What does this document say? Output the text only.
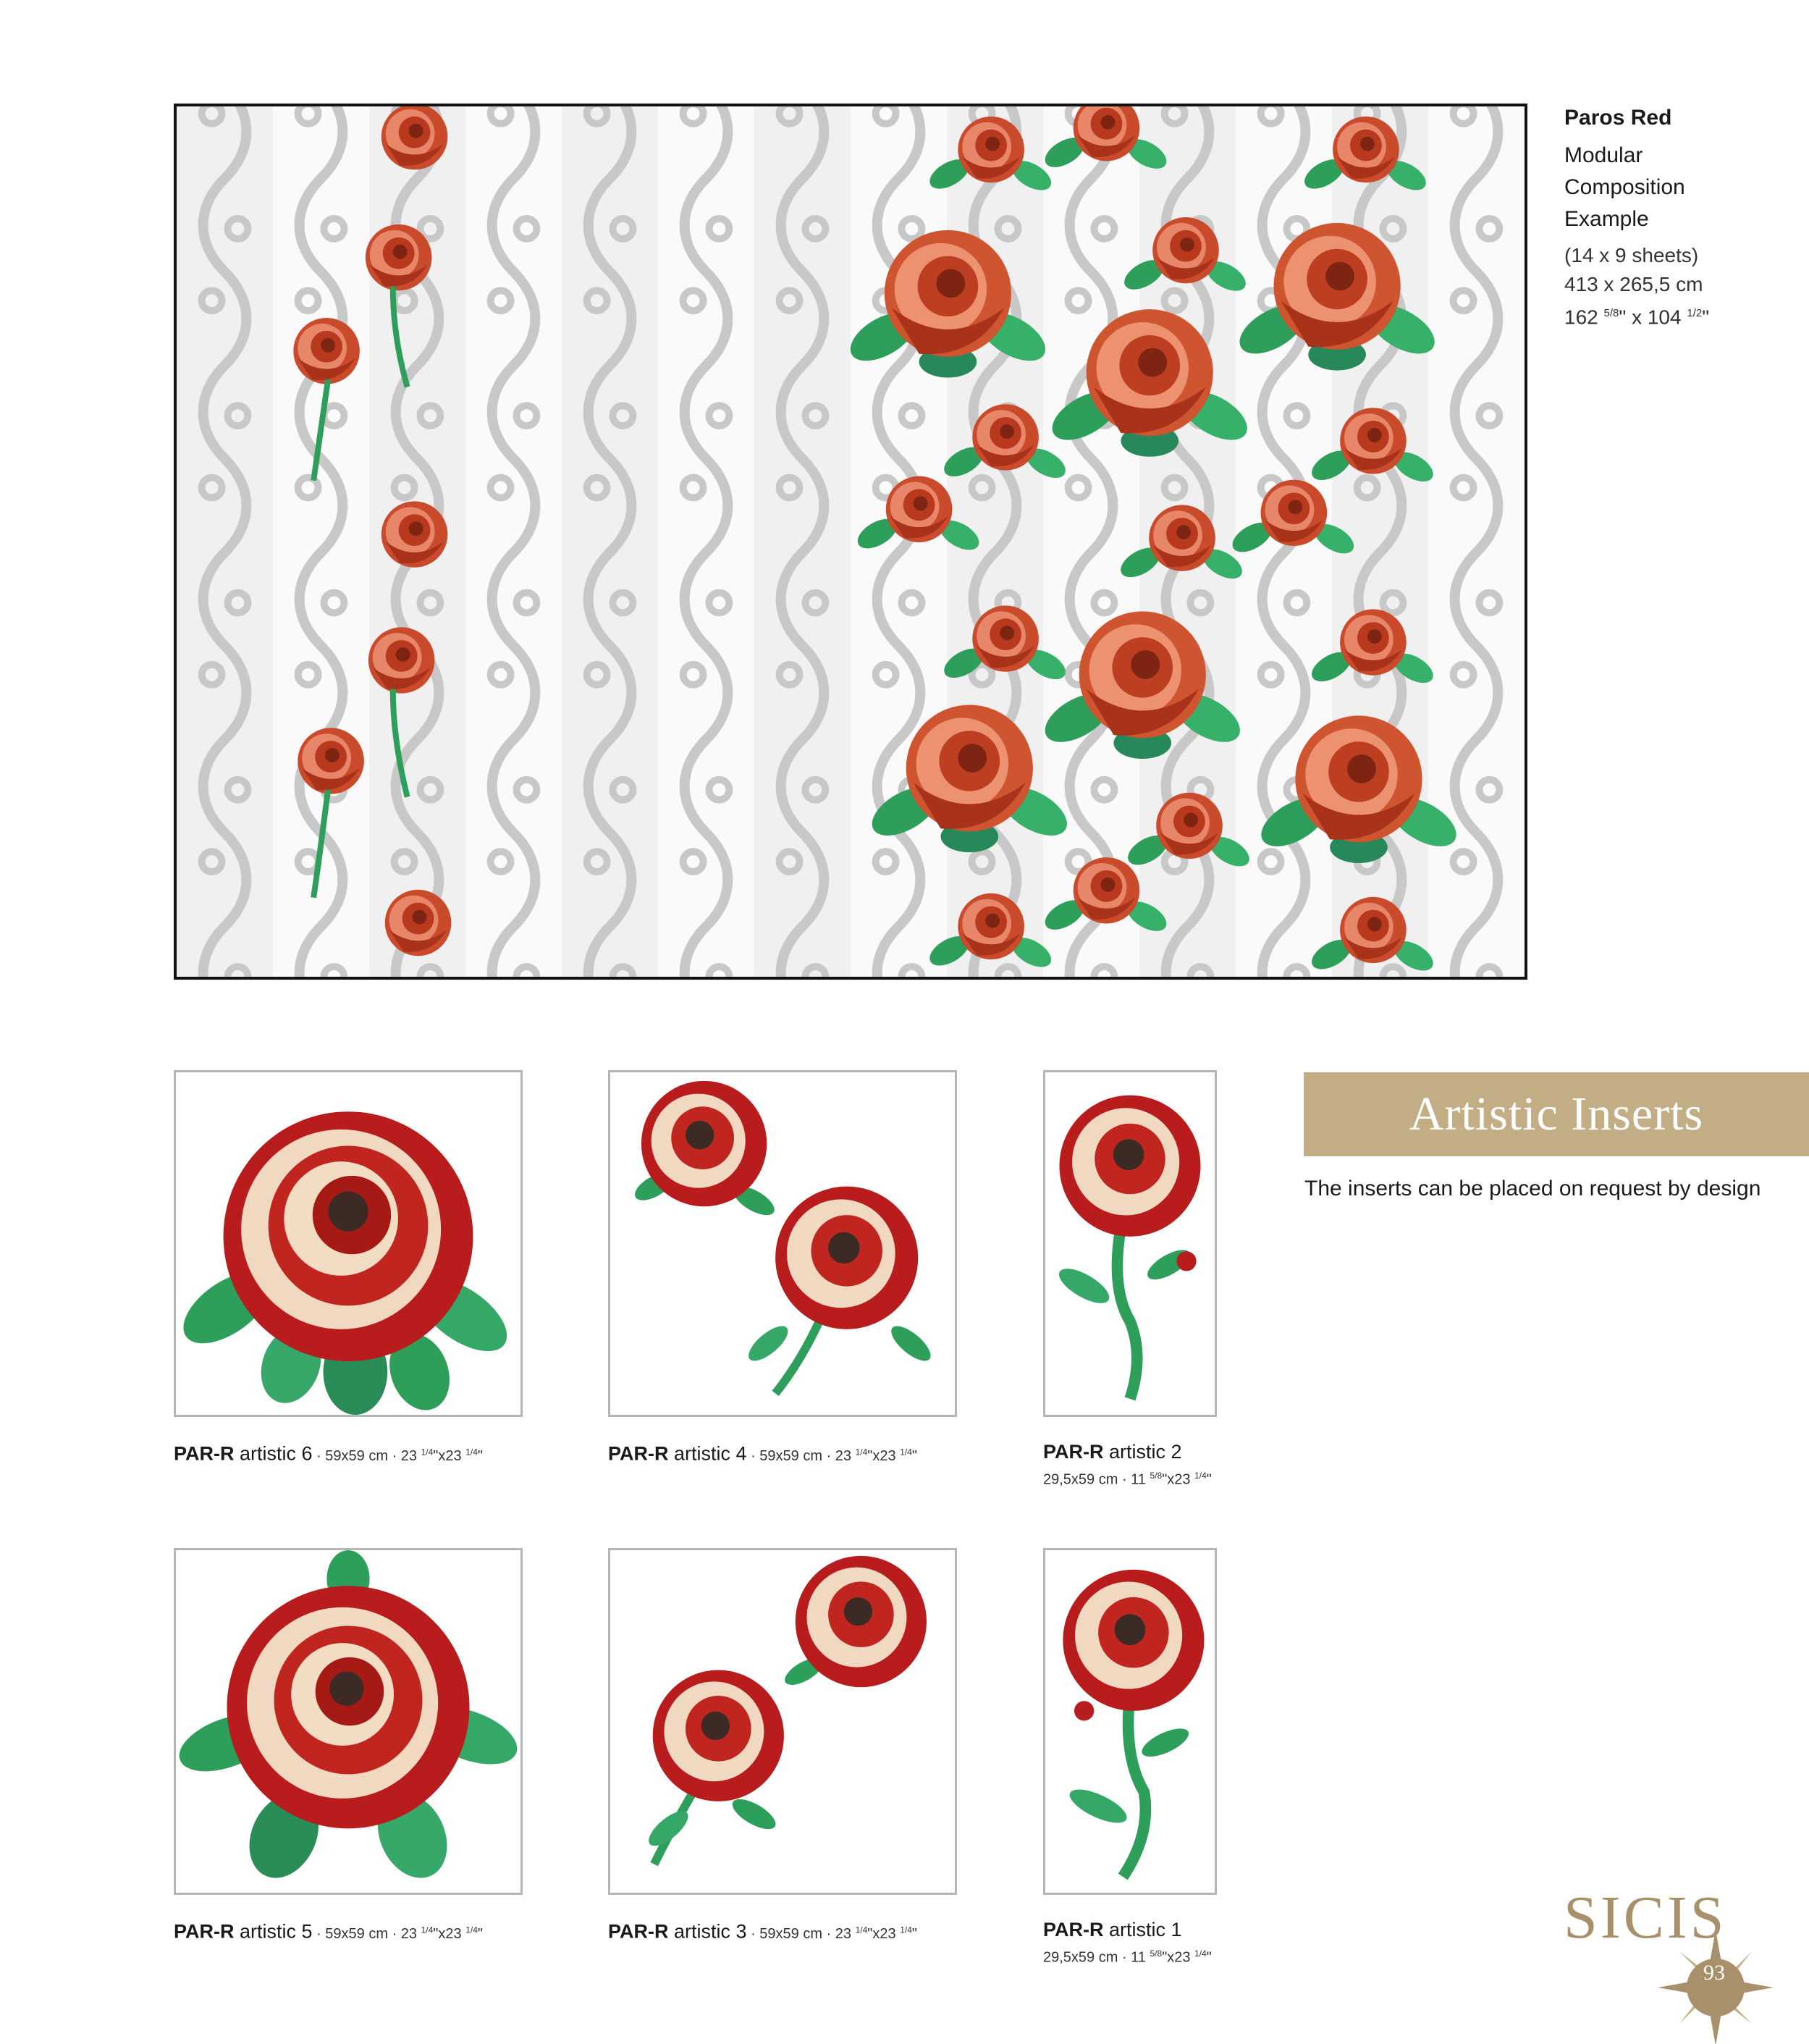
Paros Red
Modular
Composition
Example
(14 x 9 sheets)
413 x 265,5 cm
162 $^{5/8}$" x 104 $^{1/2}$"
Artistic Inserts
The inserts can be placed on request by design
PAR-R artistic 6 · 59x59 cm · 23 $^{1/4}$"x23 $^{1/4}$"	PAR-R artistic 4 · 59x59 cm · 23 $^{1/4}$"x23 $^{1/4}$"	PAR-R artistic 2
29,5x59 cm · 11 $^{5/8}$"x23 $^{1/4}$"
PAR-R artistic 5 · 59x59 cm · 23 $^{1/4}$"x23 $^{1/4}$"	PAR-R artistic 3 · 59x59 cm · 23 $^{1/4}$"x23 $^{1/4}$"	PAR-R artistic 1
29,5x59 cm · 11 $^{5/8}$"x23 $^{1/4}$"
SICIS
93
